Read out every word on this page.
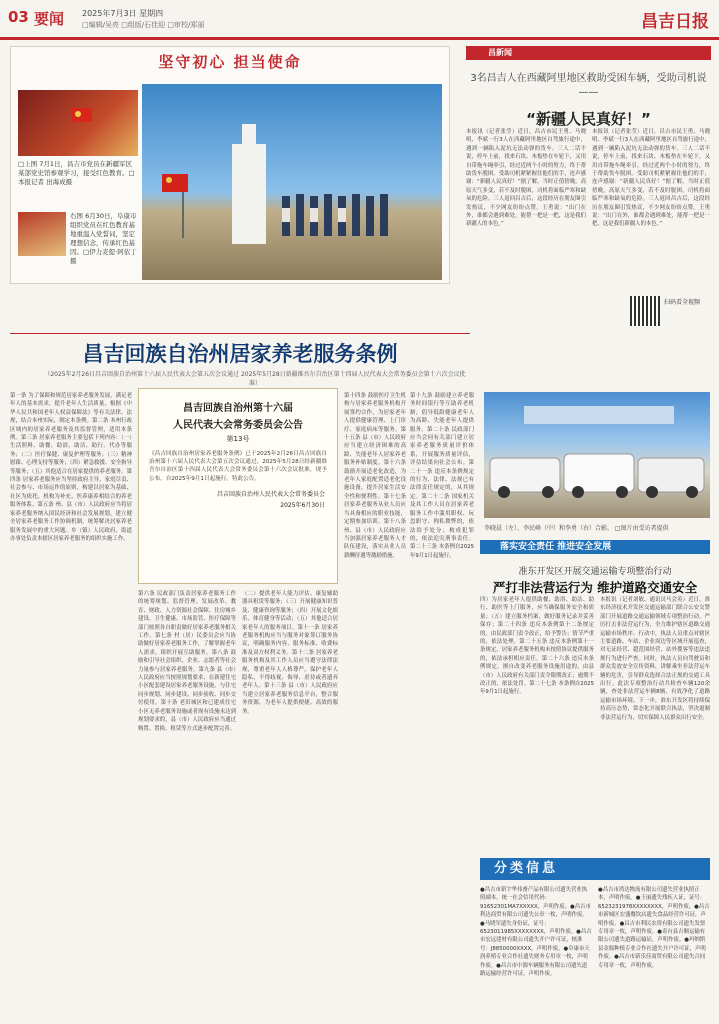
03 要闻 2025年7月3日 星期四
□编辑/吴亮 □组版/石佳迎 □审校/郑丽	昌吉日报
坚守初心 担当使命
□上图 7月1日，昌吉市党员在新疆军区某部党史馆参观学习，接受红色教育。□本报记者 田海成摄
右图 6月30日，阜康市组织党员在红色教育基地重温入党誓词，坚定理想信念，传承红色基因。□伊力麦提·阿依丁摄
昌新闻
3名昌吉人在西藏阿里地区救助受困车辆，受助司机说——
“新疆人民真好！”
本报讯（记者张莹）近日，昌吉市民王勇、马晓明、李斌一行3人在西藏阿里地区自驾旅行途中，遇到一辆陷入泥坑无法动弹的货车。三人二话不说，停车上前，找来石块、木板垫在车轮下，又用自带拖车绳牵引，经过近两个小时的努力，终于帮助货车脱困。受助司机紧紧握住他们的手，连声感谢：“新疆人民真好！”据了解，当时正值傍晚，高原天气多变，若不及时脱困，司机将面临严寒和缺氧的危险。三人返回昌吉后，这段经历在朋友圈引发热议，不少网友纷纷点赞。王勇说：“出门在外，谁都会遇到难处，能帮一把是一把，这是我们新疆人的本色。”
本报讯（记者张莹）近日，昌吉市民王勇、马晓明、李斌一行3人在西藏阿里地区自驾旅行途中，遇到一辆陷入泥坑无法动弹的货车。三人二话不说，停车上前，找来石块、木板垫在车轮下，又用自带拖车绳牵引，经过近两个小时的努力，终于帮助货车脱困。受助司机紧紧握住他们的手，连声感谢：“新疆人民真好！”据了解，当时正值傍晚，高原天气多变，若不及时脱困，司机将面临严寒和缺氧的危险。三人返回昌吉后，这段经历在朋友圈引发热议，不少网友纷纷点赞。王勇说：“出门在外，谁都会遇到难处，能帮一把是一把，这是我们新疆人的本色。”
扫码看全视频
昌吉回族自治州居家养老服务条例
（2025年2月26日昌吉回族自治州第十六届人民代表大会第五次会议通过 2025年5月28日新疆维吾尔自治区第十四届人民代表大会常务委员会第十六次会议批准）
第一条 为了保障和规范居家养老服务发展，满足老年人的基本需求，提升老年人生活质量，根据《中华人民共和国老年人权益保障法》等有关法律、法规，结合本州实际，制定本条例。第二条 本州行政区域内的居家养老服务及其监督管理，适用本条例。第三条 居家养老服务主要包括下列内容：（一）生活照料、助餐、助浴、助洁、助行、代办等服务；（二）医疗保健、康复护理等服务；（三）精神慰藉、心理支持等服务；（四）紧急救援、安全指导等服务；（五）其他适合在居家提供的养老服务。第四条 居家养老服务应当坚持政府主导、家庭尽责、社会参与、市场运作的原则，构建以居家为基础、社区为依托、机构为补充、医养康养相结合的养老服务体系。第五条 州、县（市）人民政府应当将居家养老服务纳入国民经济和社会发展规划，建立健全居家养老服务工作协调机制，统筹解决居家养老服务发展中的重大问题。乡（镇）人民政府、街道办事处负责本辖区居家养老服务的组织实施工作。
昌吉回族自治州第十六届
人民代表大会常务委员会公告
第13号
《昌吉回族自治州居家养老服务条例》已于2025年2月26日昌吉回族自治州第十六届人民代表大会第五次会议通过，2025年5月28日经新疆维吾尔自治区第十四届人民代表大会常务委员会第十六次会议批准，现予公布，自2025年9月1日起施行。特此公告。
昌吉回族自治州人民代表大会常务委员会
2025年6月30日
第六条 民政部门负责居家养老服务工作的统筹规划、监督管理。发展改革、教育、财政、人力资源社会保障、住房城乡建设、卫生健康、市场监管、医疗保障等部门按照各自职责做好居家养老服务相关工作。第七条 村（居）民委员会应当协助做好居家养老服务工作，了解掌握老年人需求，组织开展互助服务。第八条 鼓励和引导社会组织、企业、志愿者等社会力量参与居家养老服务。第九条 县（市）人民政府应当按照规划要求，在新建住宅小区配套建设居家养老服务设施，与住宅同步规划、同步建设、同步验收、同步交付使用。第十条 老旧城区和已建成住宅小区无养老服务设施或者现有设施未达到规划要求的，县（市）人民政府应当通过购置、置换、租赁等方式逐步配置完善。
（二）提供老年人能力评估、康复辅助器具租赁等服务；（三）开展健康知识普及、健康咨询等服务；（四）开展文化娱乐、体育健身等活动；（五）其他适合居家老年人的服务项目。第十一条 居家养老服务机构应当与服务对象签订服务协议，明确服务内容、服务标准、收费标准及双方权利义务。第十二条 居家养老服务机构及其工作人员应当遵守法律法规，尊重老年人人格尊严，保护老年人隐私，不得歧视、侮辱、虐待或者遗弃老年人。第十三条 县（市）人民政府应当建立居家养老服务信息平台，整合服务资源，为老年人提供便捷、高效的服务。
第十四条 鼓励医疗卫生机构与居家养老服务机构开展签约合作，为居家老年人提供健康管理、上门诊疗、家庭病床等服务。第十五条 县（市）人民政府应当建立经济困难的高龄、失能老年人居家养老服务补贴制度。第十六条 鼓励开展适老化改造，为老年人家庭配置适老化设施设备，提升居家生活安全性和便利性。第十七条 居家养老服务从业人员应当具备相应的职业技能，定期参加培训。第十八条 州、县（市）人民政府应当加强居家养老服务人才队伍建设，落实从业人员薪酬待遇等激励措施。
第十九条 鼓励建立养老服务时间银行等互助养老机制，倡导低龄健康老年人为高龄、失能老年人提供服务。第二十条 民政部门应当会同有关部门建立居家养老服务质量评价体系，开展服务质量评估，评估结果向社会公布。第二十一条 违反本条例规定的行为，法律、法规已有法律责任规定的，从其规定。第二十二条 国家机关及其工作人员在居家养老服务工作中滥用职权、玩忽职守、徇私舞弊的，依法给予处分；构成犯罪的，依法追究刑事责任。第二十三条 本条例自2025年9月1日起施行。
四）为居家老年人提供助餐、助浴、助洁、助行、助医等上门服务，应当确保服务安全和质量；（五）建立服务档案，做好服务记录并妥善保存；第二十四条 违反本条例第十二条规定的，由民政部门责令改正，给予警告；情节严重的，依法处理。第二十五条 违反本条例第十一条规定，居家养老服务机构未按照协议提供服务的，依法承担相应责任。第二十六条 违反本条例规定，擅自改变养老服务设施用途的，由县（市）人民政府有关部门责令限期改正；逾期不改正的，依法处罚。第二十七条 本条例自2025年9月1日起施行。
李晓晨（左）、李民峰（中）和李勇（右）合影。 □图片由受访者提供
落实安全责任 推进安全发展
准东开发区开展交通运输专项整治行动
严打非法营运行为 维护道路交通安全
本报讯（记者刘敏、通讯员马会英）近日，准东经济技术开发区交通运输部门联合公安交警部门开展道路交通运输领域专项整治行动，严厉打击非法营运行为，全力维护辖区道路交通运输市场秩序。行动中，执法人员重点对辖区主要道路、车站、企业周边等区域开展巡查，对无证经营、超范围经营、站外揽客等违法违规行为进行严查。同时，执法人员向驾驶员和群众发放安全宣传资料，讲解乘坐非法营运车辆的危害，引导群众选择合法正规的交通工具出行。此次专项整治行动共检查车辆120余辆，查处非法营运车辆8辆，有效净化了道路运输市场环境。下一步，准东开发区将持续保持高压态势，常态化开展联合执法，坚决遏制非法营运行为，切实保障人民群众出行安全。
分类信息
●昌吉市新宇华伟畜产品有限公司遗失营业执照副本，统一社会信用代码：91652301MA7XXXXX，声明作废。●昌吉市利达商贸有限公司遗失公章一枚，声明作废。●马晓军遗失身份证，证号：6523011985XXXXXXXX，声明作废。●昌吉市宏远建材有限公司遗失开户许可证，核准号：J8850000XXXX，声明作废。●阜康市天润养殖专业合作社遗失财务专用章一枚，声明作废。●昌吉市中源车辆服务有限公司遗失道路运输经营许可证，声明作废。
●昌吉市鸿达物流有限公司遗失营业执照正本，声明作废。●王丽遗失残疾人证，证号：6523231978XXXXXXXX，声明作废。●昌吉市新城区宏盛餐饮店遗失食品经营许可证，声明作废。●昌吉市利民农资有限公司遗失发票专用章一枚，声明作废。●奇台县吉顺运输有限公司遗失道路运输证，声明作废。●玛纳斯县金源种植专业合作社遗失开户许可证，声明作废。●昌吉市新乐佳商贸有限公司遗失合同专用章一枚，声明作废。
